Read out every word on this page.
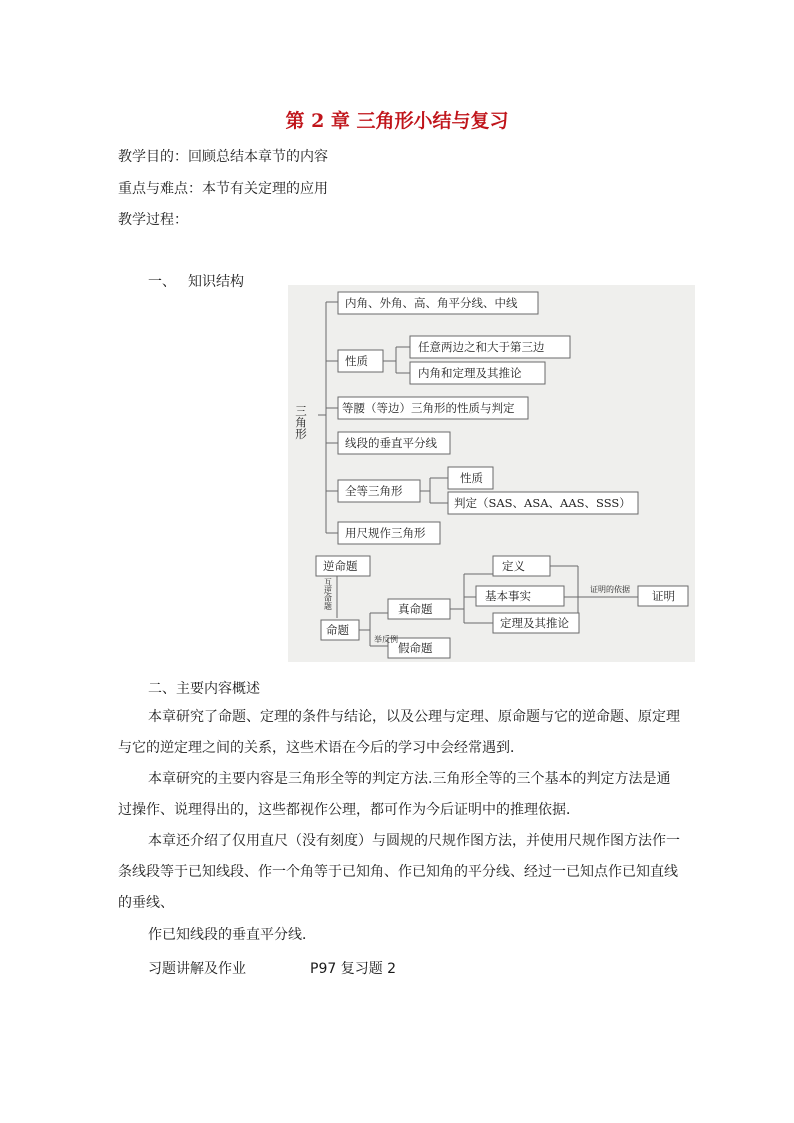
第 2 章 三角形小结与复习
教学目的：回顾总结本章节的内容
重点与难点：本节有关定理的应用
教学过程：
一、 知识结构
三角形
内角、外角、高、角平分线、中线
性质
任意两边之和大于第三边
内角和定理及其推论
等腰（等边）三角形的性质与判定
线段的垂直平分线
全等三角形
性质
判定（SAS、ASA、AAS、SSS）
用尺规作三角形
逆命题
命题
真命题
假命题
定义
基本事实
定理及其推论
证明
互逆命题
举反例
证明的依据
二、主要内容概述
本章研究了命题、定理的条件与结论，以及公理与定理、原命题与它的逆命题、原定理
与它的逆定理之间的关系，这些术语在今后的学习中会经常遇到．
本章研究的主要内容是三角形全等的判定方法.三角形全等的三个基本的判定方法是通
过操作、说理得出的，这些都视作公理，都可作为今后证明中的推理依据．
本章还介绍了仅用直尺（没有刻度）与圆规的尺规作图方法，并使用尺规作图方法作一
条线段等于已知线段、作一个角等于已知角、作已知角的平分线、经过一已知点作已知直线
的垂线、
作已知线段的垂直平分线．
习题讲解及作业	P97 复习题 2
